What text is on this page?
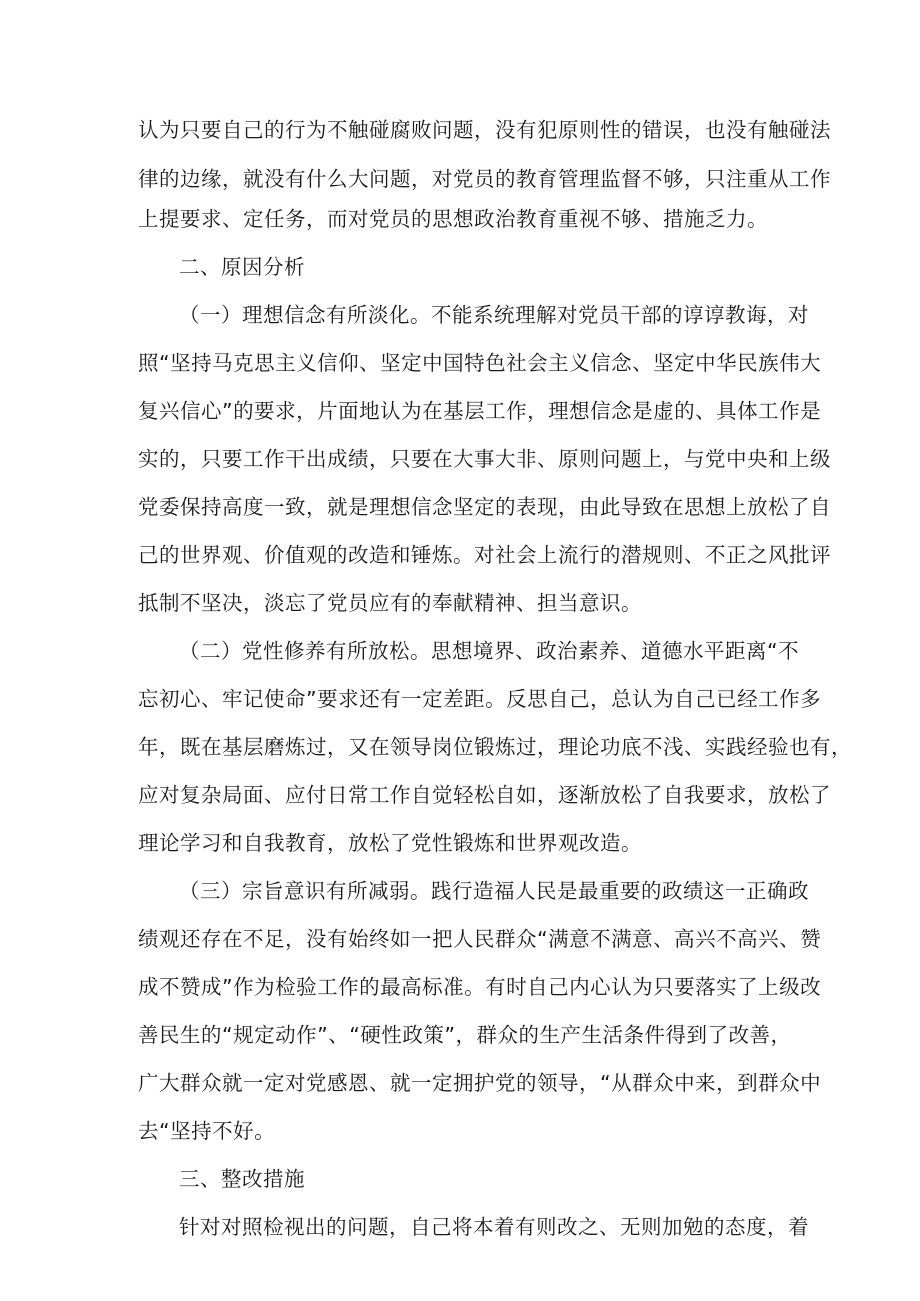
认为只要自己的行为不触碰腐败问题，没有犯原则性的错误，也没有触碰法
律的边缘，就没有什么大问题，对党员的教育管理监督不够，只注重从工作
上提要求、定任务，而对党员的思想政治教育重视不够、措施乏力。
二、原因分析
（一）理想信念有所淡化。不能系统理解对党员干部的谆谆教诲，对
照“坚持马克思主义信仰、坚定中国特色社会主义信念、坚定中华民族伟大
复兴信心”的要求，片面地认为在基层工作，理想信念是虚的、具体工作是
实的，只要工作干出成绩，只要在大事大非、原则问题上，与党中央和上级
党委保持高度一致，就是理想信念坚定的表现，由此导致在思想上放松了自
己的世界观、价值观的改造和锤炼。对社会上流行的潜规则、不正之风批评
抵制不坚决，淡忘了党员应有的奉献精神、担当意识。
（二）党性修养有所放松。思想境界、政治素养、道德水平距离“不
忘初心、牢记使命”要求还有一定差距。反思自己，总认为自己已经工作多
年，既在基层磨炼过，又在领导岗位锻炼过，理论功底不浅、实践经验也有，
应对复杂局面、应付日常工作自觉轻松自如，逐渐放松了自我要求，放松了
理论学习和自我教育，放松了党性锻炼和世界观改造。
（三）宗旨意识有所减弱。践行造福人民是最重要的政绩这一正确政
绩观还存在不足，没有始终如一把人民群众“满意不满意、高兴不高兴、赞
成不赞成”作为检验工作的最高标准。有时自己内心认为只要落实了上级改
善民生的“规定动作”、“硬性政策”，群众的生产生活条件得到了改善，
广大群众就一定对党感恩、就一定拥护党的领导，“从群众中来，到群众中
去“坚持不好。
三、整改措施
针对对照检视出的问题，自己将本着有则改之、无则加勉的态度，着
